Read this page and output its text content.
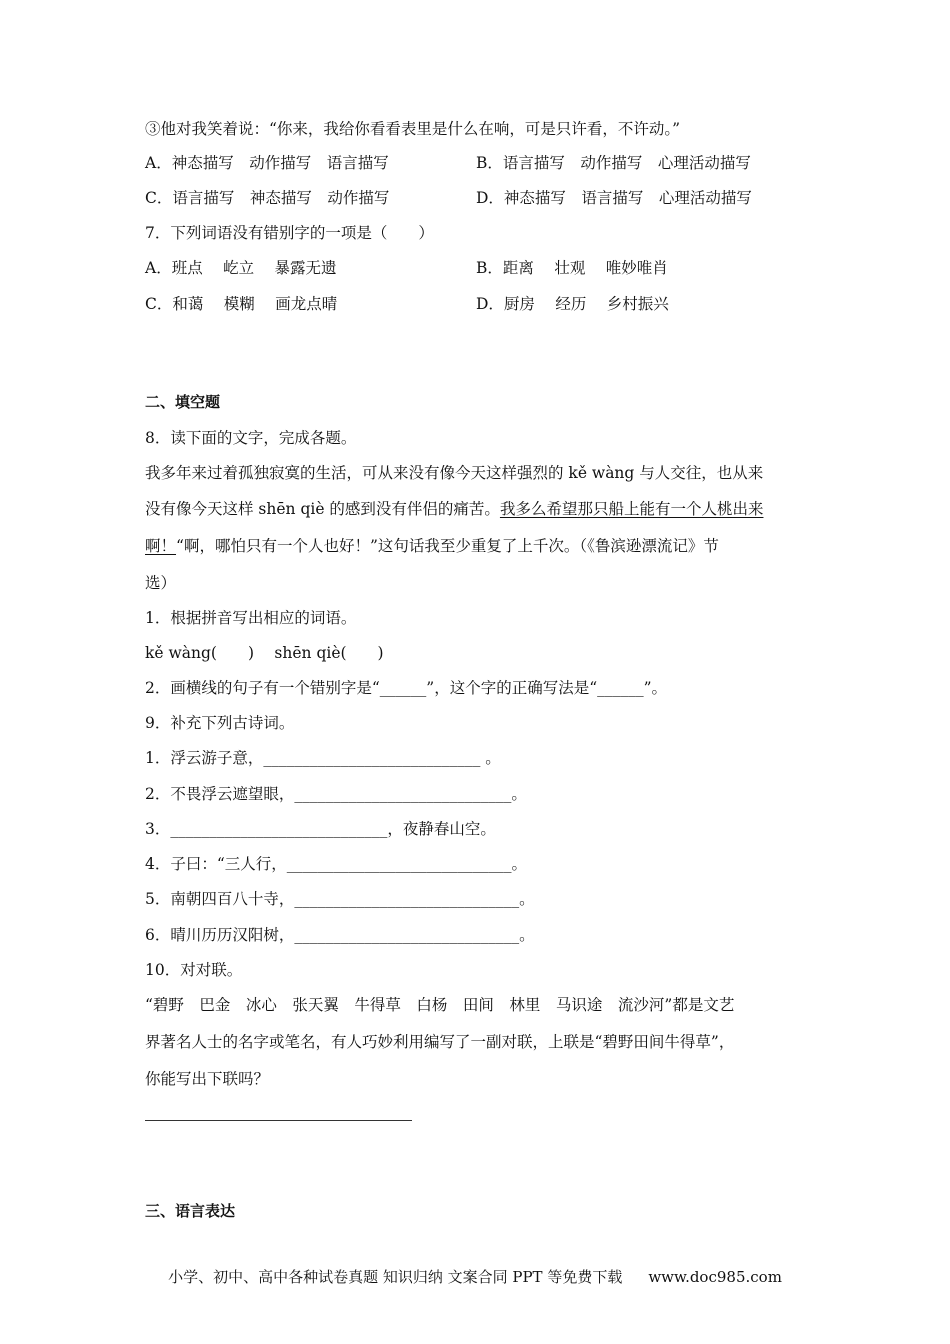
③他对我笑着说：“你来，我给你看看表里是什么在响，可是只许看，不许动。”
A．神态描写　动作描写　语言描写	B．语言描写　动作描写　心理活动描写
C．语言描写　神态描写　动作描写	D．神态描写　语言描写　心理活动描写
7．下列词语没有错别字的一项是（　　）
A．班点　 屹立　 暴露无遗	B．距离　 壮观　 唯妙唯肖
C．和蔼　 模糊　 画龙点晴	D．厨房　 经历　 乡村振兴
二、填空题
8．读下面的文字，完成各题。
我多年来过着孤独寂寞的生活，可从来没有像今天这样强烈的 kě wàng 与人交往，也从来
没有像今天这样 shēn qiè 的感到没有伴侣的痛苦。我多么希望那只船上能有一个人桃出来
啊！“啊，哪怕只有一个人也好！”这句话我至少重复了上千次。（《鲁滨逊漂流记》节
选）
1．根据拼音写出相应的词语。
kě wàng(　　)　 shēn qiè(　　)
2．画横线的句子有一个错别字是“______”，这个字的正确写法是“______”。
9．补充下列古诗词。
1．浮云游子意，____________________________ 。
2．不畏浮云遮望眼，____________________________。
3．____________________________，夜静春山空。
4．子曰：“三人行，_____________________________。
5．南朝四百八十寺，_____________________________。
6．晴川历历汉阳树，_____________________________。
10．对对联。
“碧野　巴金　冰心　张天翼　牛得草　白杨　田间　林里　马识途　流沙河”都是文艺
界著名人士的名字或笔名，有人巧妙利用编写了一副对联，上联是“碧野田间牛得草”，
你能写出下联吗？
三、语言表达
小学、初中、高中各种试卷真题 知识归纳 文案合同 PPT 等免费下载 www.doc985.com
